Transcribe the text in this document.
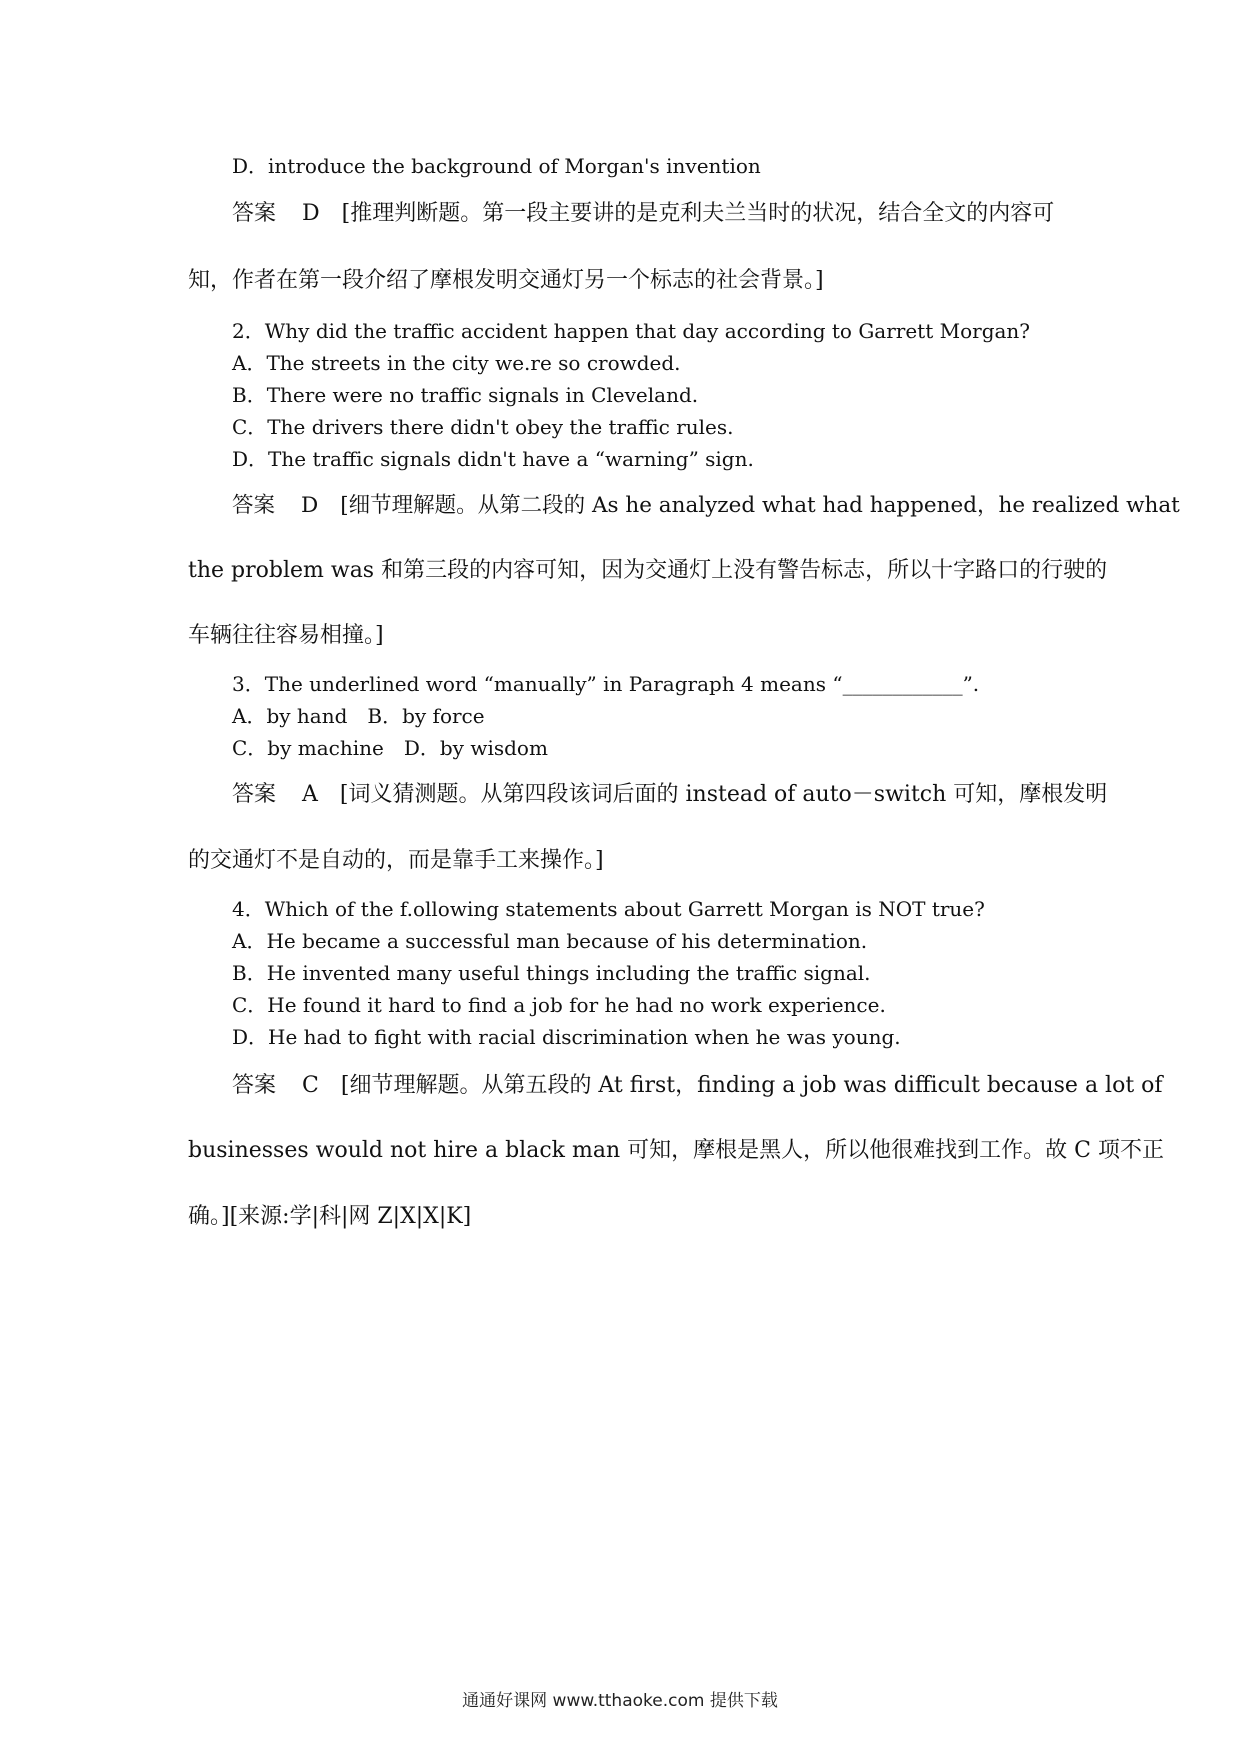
D．introduce the background of Morgan's invention
答案 D [推理判断题。第一段主要讲的是克利夫兰当时的状况，结合全文的内容可
知，作者在第一段介绍了摩根发明交通灯另一个标志的社会背景。]
2．Why did the traffic accident happen that day according to Garrett Morgan?
A．The streets in the city we.re so crowded.
B．There were no traffic signals in Cleveland.
C．The drivers there didn't obey the traffic rules.
D．The traffic signals didn't have a “warning” sign.
答案 D [细节理解题。从第二段的 As he analyzed what had happened，he realized what
the problem was 和第三段的内容可知，因为交通灯上没有警告标志，所以十字路口的行驶的
车辆往往容易相撞。]
3．The underlined word “manually” in Paragraph 4 means “____________”.
A．by hand　B．by force
C．by machine　D．by wisdom
答案 A [词义猜测题。从第四段该词后面的 instead of auto－switch 可知，摩根发明
的交通灯不是自动的，而是靠手工来操作。]
4．Which of the f.ollowing statements about Garrett Morgan is NOT true?
A．He became a successful man because of his determination.
B．He invented many useful things including the traffic signal.
C．He found it hard to find a job for he had no work experience.
D．He had to fight with racial discrimination when he was young.
答案 C [细节理解题。从第五段的 At first，finding a job was difficult because a lot of
businesses would not hire a black man 可知，摩根是黑人，所以他很难找到工作。故 C 项不正
确。][来源:学|科|网 Z|X|X|K]
通通好课网 www.tthaoke.com 提供下载
